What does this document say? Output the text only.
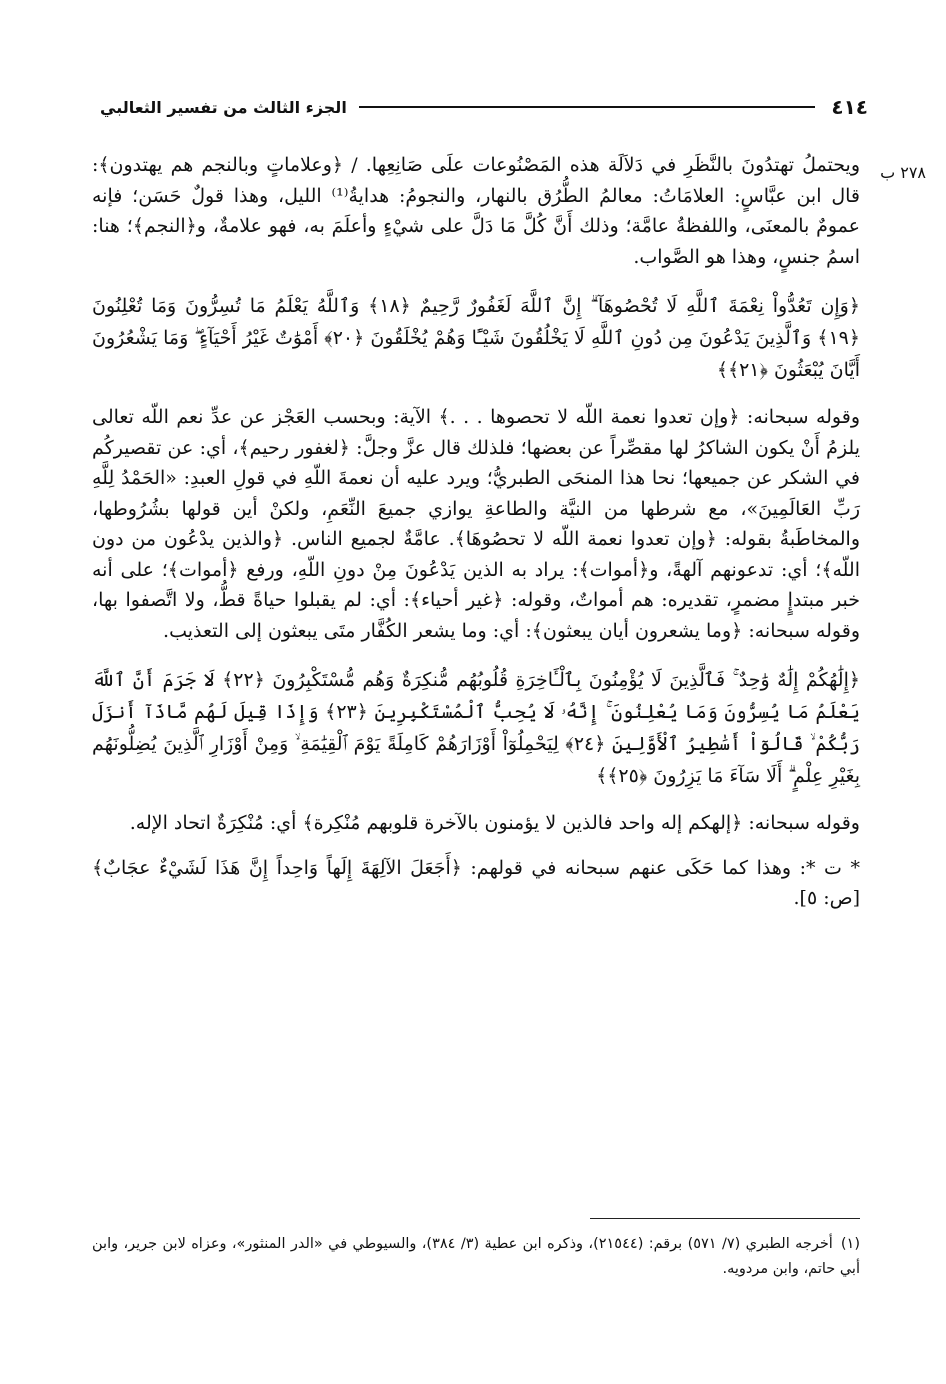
٤١٤
الجزء الثالث من تفسير الثعالبي
٢٧٨ ب

ويحتملُ تهتدُونَ بالنَّظَرِ في دَلاَلَة هذه المَصْنُوعات علَى صَانِعِها. / ﴿وعلاماتٍ وبالنجم هم يهتدون﴾: قال ابن عبَّاسٍ: العلامَاتُ: معالمُ الطُّرُق بالنهار، والنجومُ: هدايةُ⁽¹⁾ الليل، وهذا قولٌ حَسَن؛ فإنه عمومٌ بالمعنَى، واللفظةُ عامَّة؛ وذلك أَنَّ كُلَّ مَا دَلَّ على شيْءٍ وأعلَمَ به، فهو علامةٌ، و﴿النجم﴾؛ هنا: اسمُ جنسٍ، وهذا هو الصَّواب.

﴿وَإِن تَعُدُّواْ نِعْمَةَ ٱللَّهِ لَا تُحْصُوهَآ ۗ إِنَّ ٱللَّهَ لَغَفُورٌ رَّحِيمٌ ﴿١٨﴾ وَٱللَّهُ يَعْلَمُ مَا تُسِرُّونَ وَمَا تُعْلِنُونَ ﴿١٩﴾ وَٱلَّذِينَ يَدْعُونَ مِن دُونِ ٱللَّهِ لَا يَخْلُقُونَ شَيْـًٔا وَهُمْ يُخْلَقُونَ ﴿٢٠﴾ أَمْوَٰتٌ غَيْرُ أَحْيَآءٍ ۖ وَمَا يَشْعُرُونَ أَيَّانَ يُبْعَثُونَ ﴿٢١﴾﴾

وقوله سبحانه: ﴿وإن تعدوا نعمة اللّه لا تحصوها . . .﴾ الآية: وبحسب العَجْز عن عدِّ نعم اللّه تعالى يلزمُ أَنْ يكون الشاكرُ لها مقصِّراً عن بعضها؛ فلذلك قال عزَّ وجلَّ: ﴿لغفور رحيم﴾، أي: عن تقصيركُم في الشكر عن جميعها؛ نحا هذا المنحَى الطبريُّ؛ ويرد عليه أن نعمةَ اللّهِ في قولِ العبدِ: «الحَمْدُ لِلَّهِ رَبِّ العَالَمِينَ»، مع شرطها من النيَّة والطاعةِ يوازي جميعَ النِّعَمِ، ولكنْ أين قولها بشُرُوطها، والمخاطَبةُ بقوله: ﴿وإن تعدوا نعمة اللّه لا تحصُوهَا﴾. عامَّةٌ لجميع الناس. ﴿والذين يدْعُون من دون اللّه﴾؛ أي: تدعونهم آلهةً، و﴿أموات﴾: يراد به الذين يَدْعُونَ مِنْ دونِ اللّهِ، ورفع ﴿أموات﴾؛ على أنه خبر مبتدإٍ مضمرٍ، تقديره: هم أمواتٌ، وقوله: ﴿غير أحياء﴾: أي: لم يقبلوا حياةً قطُّ، ولا اتَّصفوا بها، وقوله سبحانه: ﴿وما يشعرون أيان يبعثون﴾: أي: وما يشعر الكُفَّار متَى يبعثون إلى التعذيب.

﴿إِلَٰهُكُمْ إِلَٰهٌ وَٰحِدٌ ۚ فَٱلَّذِينَ لَا يُؤْمِنُونَ بِٱلْـَٔاخِرَةِ قُلُوبُهُم مُّنكِرَةٌ وَهُم مُّسْتَكْبِرُونَ ﴿٢٢﴾ لَا جَرَمَ أَنَّ ٱللَّهَ يَعْلَمُ مَا يُسِرُّونَ وَمَا يُعْلِنُونَ ۚ إِنَّهُۥ لَا يُحِبُّ ٱلْمُسْتَكْبِرِينَ ﴿٢٣﴾ وَإِذَا قِيلَ لَهُم مَّاذَآ أَنزَلَ رَبُّكُمْ ۙ قَالُوٓاْ أَسَٰطِيرُ ٱلْأَوَّلِينَ ﴿٢٤﴾ لِيَحْمِلُوٓاْ أَوْزَارَهُمْ كَامِلَةً يَوْمَ ٱلْقِيَٰمَةِ ۙ وَمِنْ أَوْزَارِ ٱلَّذِينَ يُضِلُّونَهُم بِغَيْرِ عِلْمٍ ۗ أَلَا سَآءَ مَا يَزِرُونَ ﴿٢٥﴾﴾

وقوله سبحانه: ﴿إلهكم إله واحد فالذين لا يؤمنون بالآخرة قلوبهم مُنْكِرة﴾ أي: مُنْكِرَةٌ اتحاد الإله.

* ت *: وهذا كما حَكَى عنهم سبحانه في قولهم: ﴿أَجَعَلَ الآلِهَةَ إِلَهاً وَاحِداً إِنَّ هَذَا لَشَيْءٌ عجَابٌ﴾ [ص: ٥].

(١)أخرجه الطبري (٧/ ٥٧١) برقم: (٢١٥٤٤)، وذكره ابن عطية (٣/ ٣٨٤)، والسيوطي في «الدر المنثور»، وعزاه لابن جرير، وابن أبي حاتم، وابن مردويه.
